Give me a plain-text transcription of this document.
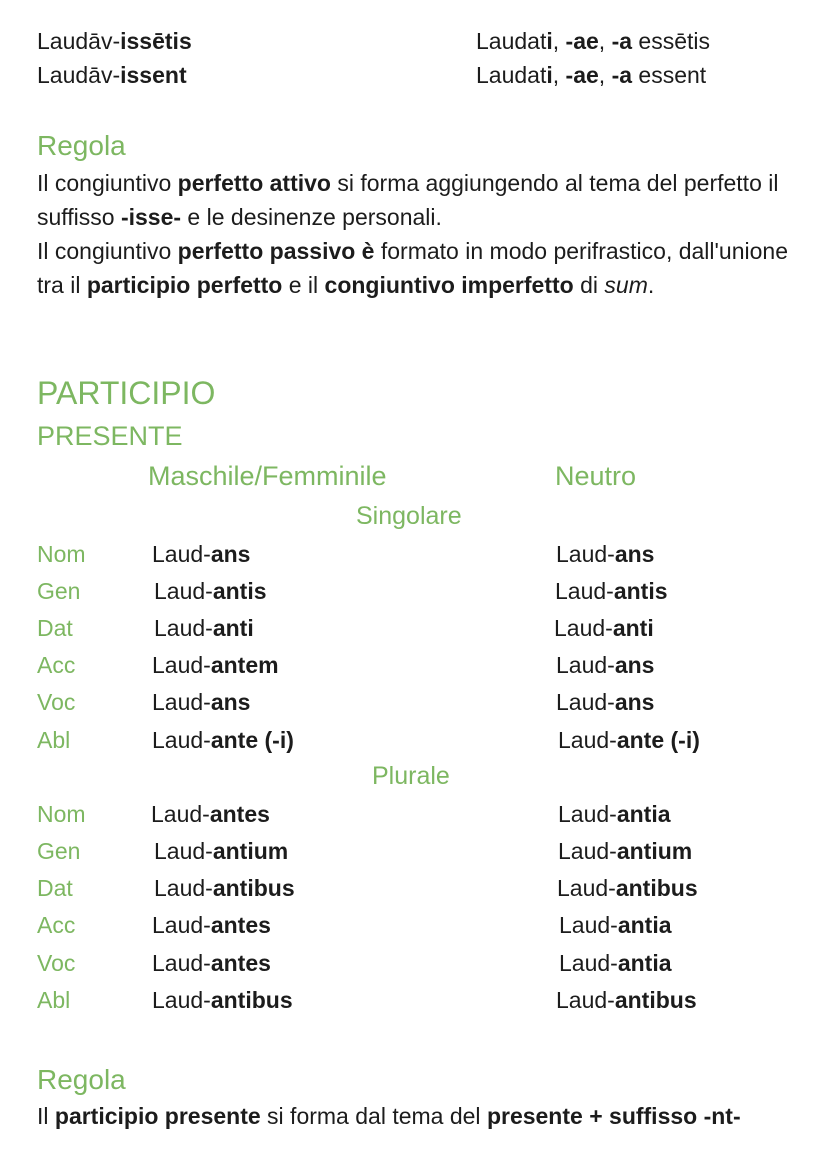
Laudāv-issētis	Laudati, -ae, -a essētis
Laudāv-issent	Laudati, -ae, -a essent
Regola
Il congiuntivo perfetto attivo si forma aggiungendo al tema del perfetto il suffisso -isse- e le desinenze personali.
Il congiuntivo perfetto passivo è formato in modo perifrastico, dall'unione tra il participio perfetto e il congiuntivo imperfetto di sum.
PARTICIPIO
PRESENTE
Maschile/Femminile	Neutro
Singolare
Nom	Laud-ans	Laud-ans
Gen	Laud-antis	Laud-antis
Dat	Laud-anti	Laud-anti
Acc	Laud-antem	Laud-ans
Voc	Laud-ans	Laud-ans
Abl	Laud-ante (-i)	Laud-ante (-i)
Plurale
Nom	Laud-antes	Laud-antia
Gen	Laud-antium	Laud-antium
Dat	Laud-antibus	Laud-antibus
Acc	Laud-antes	Laud-antia
Voc	Laud-antes	Laud-antia
Abl	Laud-antibus	Laud-antibus
Regola
Il participio presente si forma dal tema del presente + suffisso -nt-
